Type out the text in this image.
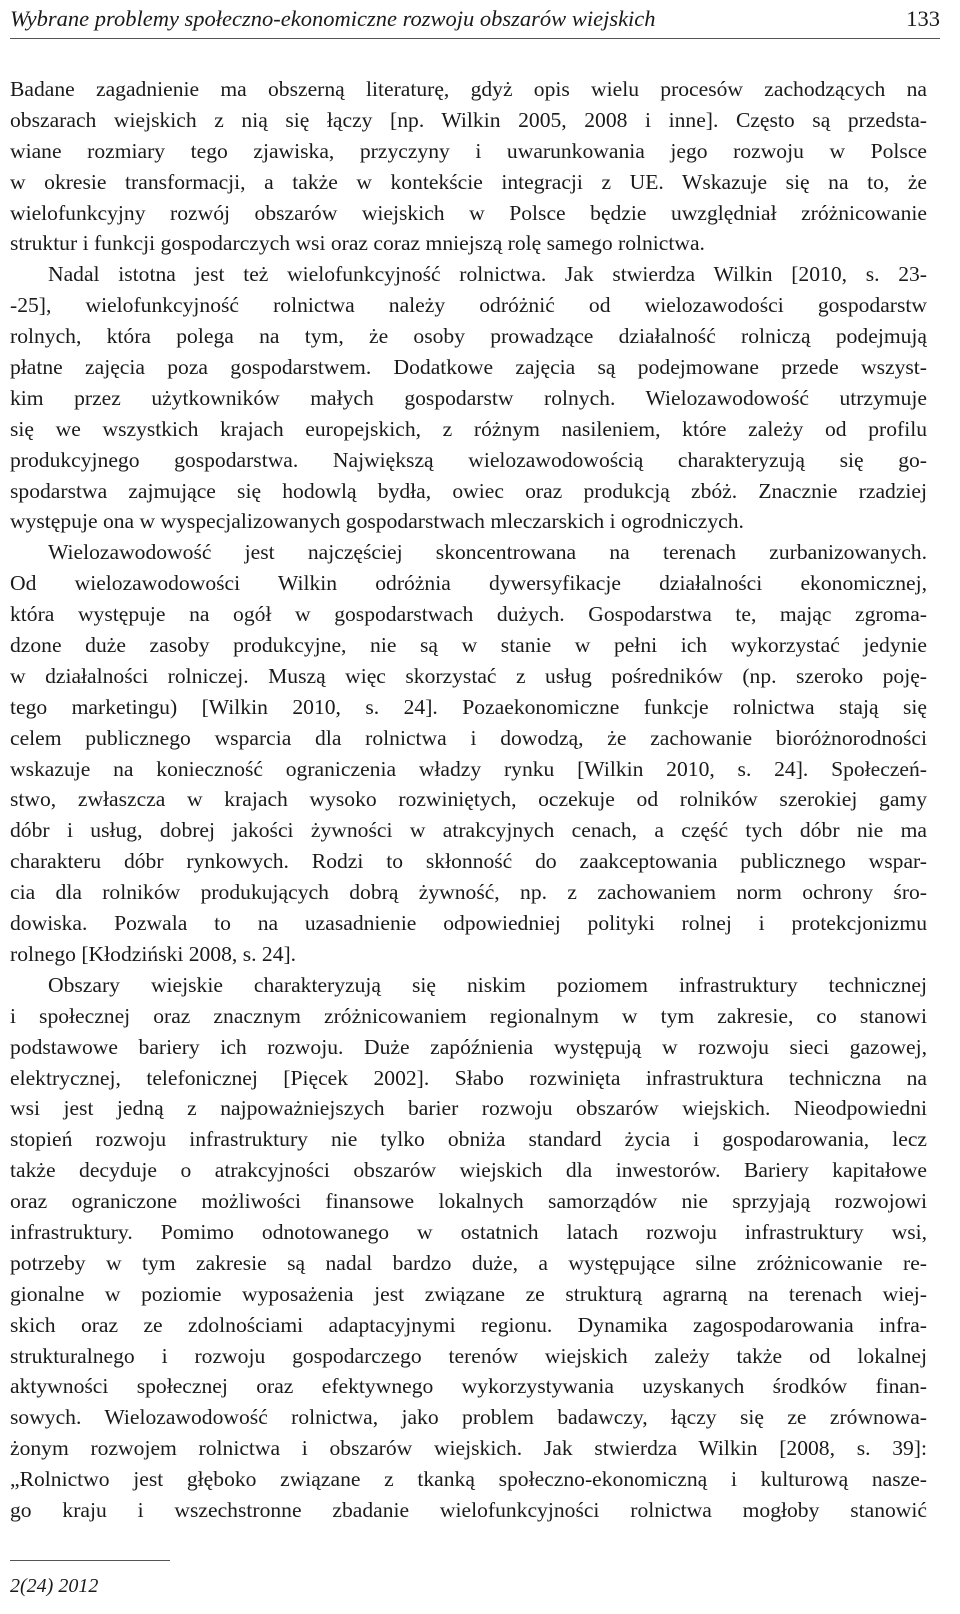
Wybrane problemy społeczno-ekonomiczne rozwoju obszarów wiejskich	133
Badane zagadnienie ma obszerną literaturę, gdyż opis wielu procesów zachodzących na
obszarach wiejskich z nią się łączy [np. Wilkin 2005, 2008 i inne]. Często są przedsta-
wiane rozmiary tego zjawiska, przyczyny i uwarunkowania jego rozwoju w Polsce
w okresie transformacji, a także w kontekście integracji z UE. Wskazuje się na to, że
wielofunkcyjny rozwój obszarów wiejskich w Polsce będzie uwzględniał zróżnicowanie
struktur i funkcji gospodarczych wsi oraz coraz mniejszą rolę samego rolnictwa.
Nadal istotna jest też wielofunkcyjność rolnictwa. Jak stwierdza Wilkin [2010, s. 23-
-25], wielofunkcyjność rolnictwa należy odróżnić od wielozawodości gospodarstw
rolnych, która polega na tym, że osoby prowadzące działalność rolniczą podejmują
płatne zajęcia poza gospodarstwem. Dodatkowe zajęcia są podejmowane przede wszyst-
kim przez użytkowników małych gospodarstw rolnych. Wielozawodowość utrzymuje
się we wszystkich krajach europejskich, z różnym nasileniem, które zależy od profilu
produkcyjnego gospodarstwa. Największą wielozawodowością charakteryzują się go-
spodarstwa zajmujące się hodowlą bydła, owiec oraz produkcją zbóż. Znacznie rzadziej
występuje ona w wyspecjalizowanych gospodarstwach mleczarskich i ogrodniczych.
Wielozawodowość jest najczęściej skoncentrowana na terenach zurbanizowanych.
Od wielozawodowości Wilkin odróżnia dywersyfikacje działalności ekonomicznej,
która występuje na ogół w gospodarstwach dużych. Gospodarstwa te, mając zgroma-
dzone duże zasoby produkcyjne, nie są w stanie w pełni ich wykorzystać jedynie
w działalności rolniczej. Muszą więc skorzystać z usług pośredników (np. szeroko poję-
tego marketingu) [Wilkin 2010, s. 24]. Pozaekonomiczne funkcje rolnictwa stają się
celem publicznego wsparcia dla rolnictwa i dowodzą, że zachowanie bioróżnorodności
wskazuje na konieczność ograniczenia władzy rynku [Wilkin 2010, s. 24]. Społeczeń-
stwo, zwłaszcza w krajach wysoko rozwiniętych, oczekuje od rolników szerokiej gamy
dóbr i usług, dobrej jakości żywności w atrakcyjnych cenach, a część tych dóbr nie ma
charakteru dóbr rynkowych. Rodzi to skłonność do zaakceptowania publicznego wspar-
cia dla rolników produkujących dobrą żywność, np. z zachowaniem norm ochrony śro-
dowiska. Pozwala to na uzasadnienie odpowiedniej polityki rolnej i protekcjonizmu
rolnego [Kłodziński 2008, s. 24].
Obszary wiejskie charakteryzują się niskim poziomem infrastruktury technicznej
i społecznej oraz znacznym zróżnicowaniem regionalnym w tym zakresie, co stanowi
podstawowe bariery ich rozwoju. Duże zapóźnienia występują w rozwoju sieci gazowej,
elektrycznej, telefonicznej [Pięcek 2002]. Słabo rozwinięta infrastruktura techniczna na
wsi jest jedną z najpoważniejszych barier rozwoju obszarów wiejskich. Nieodpowiedni
stopień rozwoju infrastruktury nie tylko obniża standard życia i gospodarowania, lecz
także decyduje o atrakcyjności obszarów wiejskich dla inwestorów. Bariery kapitałowe
oraz ograniczone możliwości finansowe lokalnych samorządów nie sprzyjają rozwojowi
infrastruktury. Pomimo odnotowanego w ostatnich latach rozwoju infrastruktury wsi,
potrzeby w tym zakresie są nadal bardzo duże, a występujące silne zróżnicowanie re-
gionalne w poziomie wyposażenia jest związane ze strukturą agrarną na terenach wiej-
skich oraz ze zdolnościami adaptacyjnymi regionu. Dynamika zagospodarowania infra-
strukturalnego i rozwoju gospodarczego terenów wiejskich zależy także od lokalnej
aktywności społecznej oraz efektywnego wykorzystywania uzyskanych środków finan-
sowych. Wielozawodowość rolnictwa, jako problem badawczy, łączy się ze zrównowa-
żonym rozwojem rolnictwa i obszarów wiejskich. Jak stwierdza Wilkin [2008, s. 39]:
„Rolnictwo jest głęboko związane z tkanką społeczno-ekonomiczną i kulturową nasze-
go kraju i wszechstronne zbadanie wielofunkcyjności rolnictwa mogłoby stanowić
2(24) 2012
